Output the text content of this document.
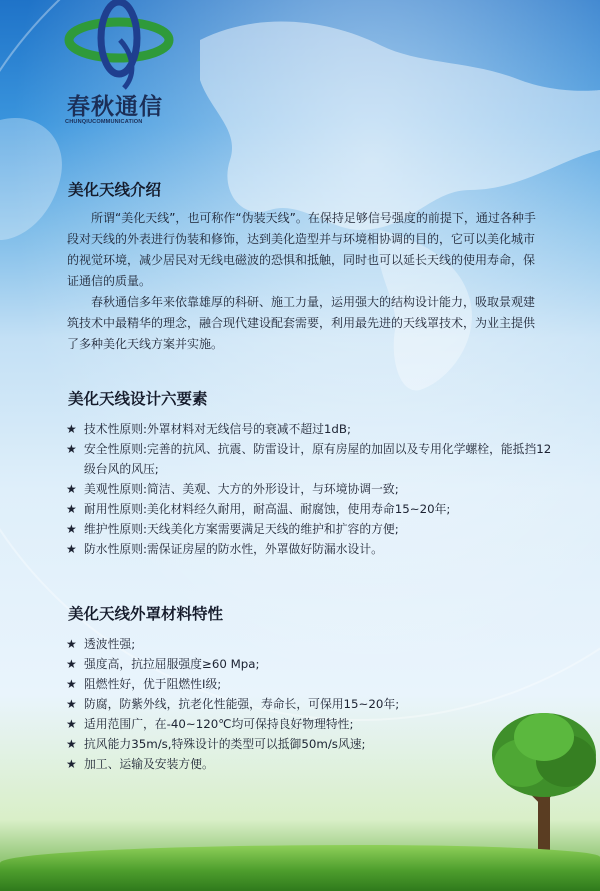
春秋通信
CHUNQIUCOMMUNICATION
美化天线介绍

所谓“美化天线”，也可称作“伪装天线”。在保持足够信号强度的前提下，通过各种手段对天线的外表进行伪装和修饰，达到美化造型并与环境相协调的目的，它可以美化城市的视觉环境，减少居民对无线电磁波的恐惧和抵触，同时也可以延长天线的使用寿命，保证通信的质量。

春秋通信多年来依靠雄厚的科研、施工力量，运用强大的结构设计能力，吸取景观建筑技术中最精华的理念，融合现代建设配套需要，利用最先进的天线罩技术，为业主提供了多种美化天线方案并实施。

美化天线设计六要素
★ 技术性原则:外罩材料对无线信号的衰减不超过1dB;
★ 安全性原则:完善的抗风、抗震、防雷设计，原有房屋的加固以及专用化学螺栓，能抵挡12级台风的风压;
★ 美观性原则:简洁、美观、大方的外形设计，与环境协调一致;
★ 耐用性原则:美化材料经久耐用，耐高温、耐腐蚀，使用寿命15~20年;
★ 维护性原则:天线美化方案需要满足天线的维护和扩容的方便;
★ 防水性原则:需保证房屋的防水性，外罩做好防漏水设计。
美化天线外罩材料特性
★ 透波性强;
★ 强度高，抗拉屈服强度≥60 Mpa;
★ 阻燃性好，优于阻燃性I级;
★ 防腐，防紫外线，抗老化性能强，寿命长，可保用15~20年;
★ 适用范围广，在-40~120℃均可保持良好物理特性;
★ 抗风能力35m/s,特殊设计的类型可以抵御50m/s风速;
★ 加工、运输及安装方便。
